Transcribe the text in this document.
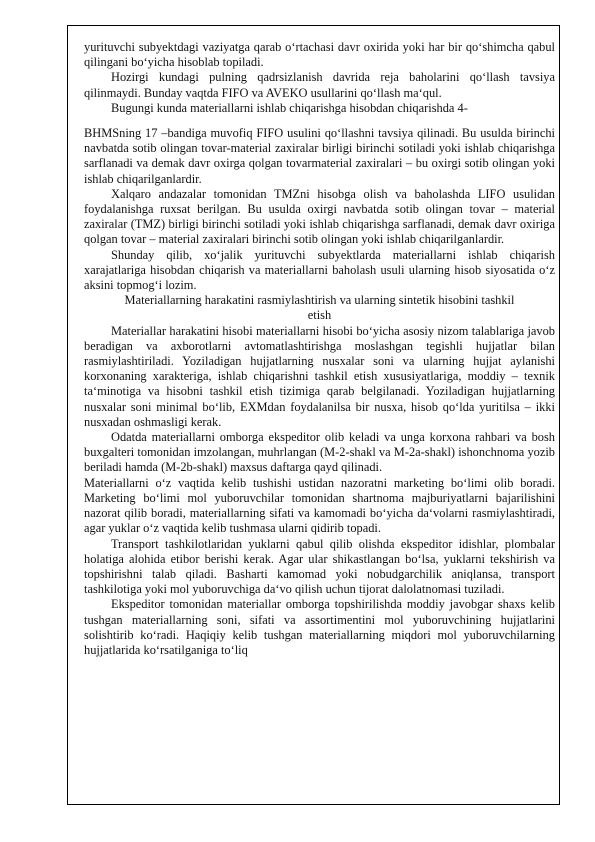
yurituvchi subyektdagi vaziyatga qarab o‘rtachasi davr oxirida yoki har bir qo‘shimcha qabul qilingani bo‘yicha hisoblab topiladi.

Hozirgi kundagi pulning qadrsizlanish davrida reja baholarini qo‘llash tavsiya qilinmaydi. Bunday vaqtda FIFO va AVEKO usullarini qo‘llash ma‘qul.

Bugungi kunda materiallarni ishlab chiqarishga hisobdan chiqarishda 4-

BHMSning 17 –bandiga muvofiq FIFO usulini qo‘llashni tavsiya qilinadi. Bu usulda birinchi navbatda sotib olingan tovar-material zaxiralar birligi birinchi sotiladi yoki ishlab chiqarishga sarflanadi va demak davr oxirga qolgan tovarmaterial zaxiralari – bu oxirgi sotib olingan yoki ishlab chiqarilganlardir.

Xalqaro andazalar tomonidan TMZni hisobga olish va baholashda LIFO usulidan foydalanishga ruxsat berilgan. Bu usulda oxirgi navbatda sotib olingan tovar – material zaxiralar (TMZ) birligi birinchi sotiladi yoki ishlab chiqarishga sarflanadi, demak davr oxiriga qolgan tovar – material zaxiralari birinchi sotib olingan yoki ishlab chiqarilganlardir.

Shunday qilib, xo‘jalik yurituvchi subyektlarda materiallarni ishlab chiqarish xarajatlariga hisobdan chiqarish va materiallarni baholash usuli ularning hisob siyosatida o‘z aksini topmog‘i lozim.

Materiallarning harakatini rasmiylashtirish va ularning sintetik hisobini tashkil
etish

Materiallar harakatini hisobi materiallarni hisobi bo‘yicha asosiy nizom talablariga javob beradigan va axborotlarni avtomatlashtirishga moslashgan tegishli hujjatlar bilan rasmiylashtiriladi. Yoziladigan hujjatlarning nusxalar soni va ularning hujjat aylanishi korxonaning xarakteriga, ishlab chiqarishni tashkil etish xususiyatlariga, moddiy – texnik ta‘minotiga va hisobni tashkil etish tizimiga qarab belgilanadi. Yoziladigan hujjatlarning nusxalar soni minimal bo‘lib, EXMdan foydalanilsa bir nusxa, hisob qo‘lda yuritilsa – ikki nusxadan oshmasligi kerak.

Odatda materiallarni omborga ekspeditor olib keladi va unga korxona rahbari va bosh buxgalteri tomonidan imzolangan, muhrlangan (M-2-shakl va M-2a-shakl) ishonchnoma yozib beriladi hamda (M-2b-shakl) maxsus daftarga qayd qilinadi.

Materiallarni o‘z vaqtida kelib tushishi ustidan nazoratni marketing bo‘limi olib boradi. Marketing bo‘limi mol yuboruvchilar tomonidan shartnoma majburiyatlarni bajarilishini nazorat qilib boradi, materiallarning sifati va kamomadi bo‘yicha da‘volarni rasmiylashtiradi, agar yuklar o‘z vaqtida kelib tushmasa ularni qidirib topadi.

Transport tashkilotlaridan yuklarni qabul qilib olishda ekspeditor idishlar, plombalar holatiga alohida etibor berishi kerak. Agar ular shikastlangan bo‘lsa, yuklarni tekshirish va topshirishni talab qiladi. Basharti kamomad yoki nobudgarchilik aniqlansa, transport tashkilotiga yoki mol yuboruvchiga da‘vo qilish uchun tijorat dalolatnomasi tuziladi.

Ekspeditor tomonidan materiallar omborga topshirilishda moddiy javobgar shaxs kelib tushgan materiallarning soni, sifati va assortimentini mol yuboruvchining hujjatlarini solishtirib ko‘radi. Haqiqiy kelib tushgan materiallarning miqdori mol yuboruvchilarning hujjatlarida ko‘rsatilganiga to‘liq
